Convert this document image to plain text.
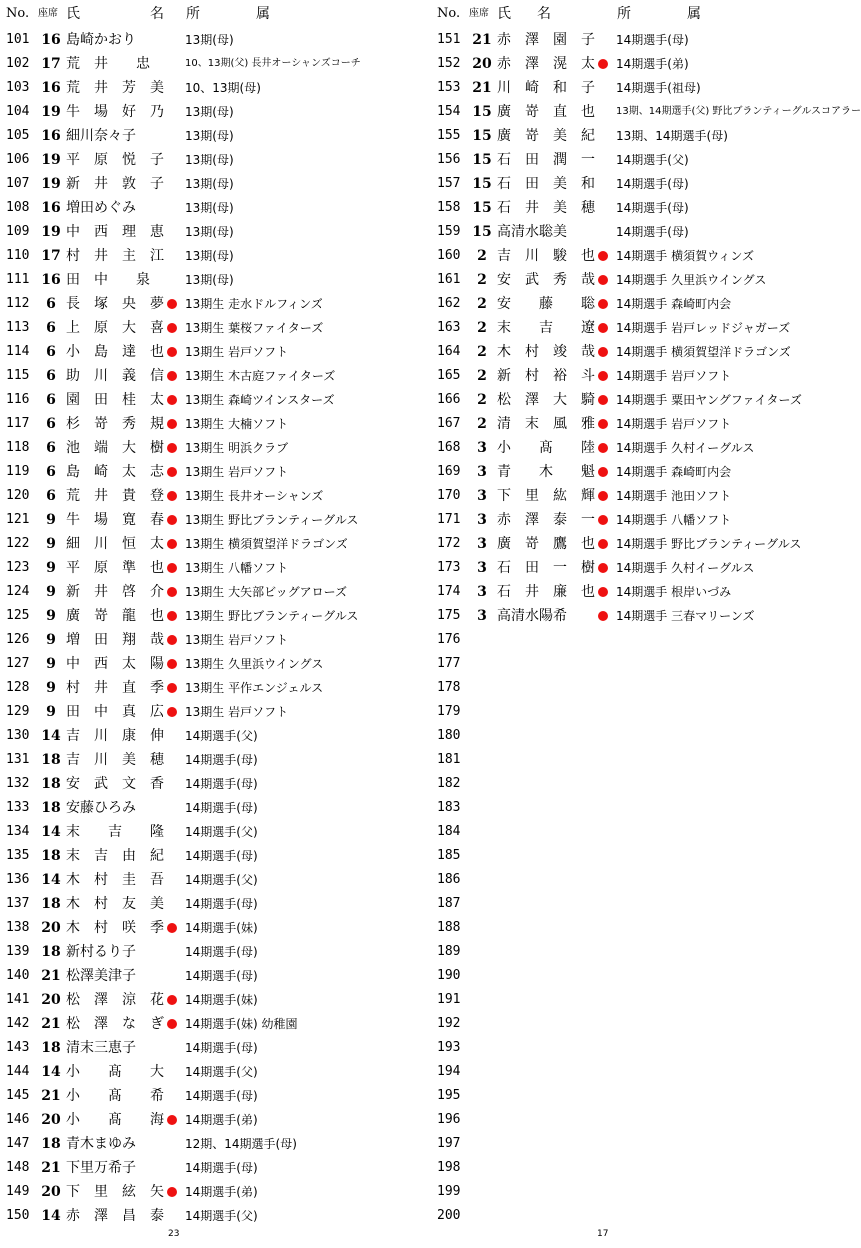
No. 座席 氏	名 所	属
101 16 島崎かおり	13期(母)
102 17 荒　井　　忠	10、13期(父) 長井オーシャンズコーチ
103 16 荒　井　芳　美 10、13期(母)
104 19 牛　場　好　乃 13期(母)
105 16 細川奈々子	13期(母)
106 19 平　原　悦　子 13期(母)
107 19 新　井　敦　子 13期(母)
108 16 増田めぐみ	13期(母)
109 19 中　西　理　恵 13期(母)
110 17 村　井　主　江 13期(母)
111 16 田　中　　泉	13期(母)
112	6 長　塚　央　夢 13期生 走水ドルフィンズ
113	6 上　原　大　喜 13期生 葉桜ファイターズ
114	6 小　島　達　也 13期生 岩戸ソフト
115	6 助　川　義　信 13期生 木古庭ファイターズ
116	6 園　田　桂　太 13期生 森崎ツインスターズ
117	6 杉　嵜　秀　規 13期生 大楠ソフト
118	6 池　端　大　樹 13期生 明浜クラブ
119	6 島　崎　太　志 13期生 岩戸ソフト
120	6 荒　井　貴　登 13期生 長井オーシャンズ
121	9 牛　場　寛　春 13期生 野比ブランティーグルス
122	9 細　川　恒　太 13期生 横須賀望洋ドラゴンズ
123	9 平　原　準　也 13期生 八幡ソフト
124	9 新　井　啓　介 13期生 大矢部ビッグアローズ
125	9 廣　嵜　龍　也 13期生 野比ブランティーグルス
126	9 増　田　翔　哉 13期生 岩戸ソフト
127	9 中　西　太　陽 13期生 久里浜ウイングス
128	9 村　井　直　季 13期生 平作エンジェルス
129	9 田　中　真　広 13期生 岩戸ソフト
130 14 吉　川　康　伸 14期選手(父)
131 18 吉　川　美　穂 14期選手(母)
132 18 安　武　文　香 14期選手(母)
133 18 安藤ひろみ	14期選手(母)
134 14 末　　吉　　隆 14期選手(父)
135 18 末　吉　由　紀 14期選手(母)
136 14 木　村　圭　吾 14期選手(父)
137 18 木　村　友　美 14期選手(母)
138 20 木　村　咲　季 14期選手(妹)
139 18 新村るり子	14期選手(母)
140 21 松澤美津子	14期選手(母)
141 20 松　澤　涼　花 14期選手(妹)
142 21 松　澤　な　ぎ 14期選手(妹) 幼稚園
143 18 清末三恵子	14期選手(母)
144 14 小　　髙　　大 14期選手(父)
145 21 小　　髙　　希 14期選手(母)
146 20 小　　髙　　海 14期選手(弟)
147 18 青木まゆみ	12期、14期選手(母)
148 21 下里万希子	14期選手(母)
149 20 下　里　絃　矢 14期選手(弟)
150 14 赤　澤　昌　泰 14期選手(父)
No. 座席 氏 名	所	属
151 21 赤　澤　園　子 14期選手(母)
152 20 赤　澤　滉　太 14期選手(弟)
153 21 川　崎　和　子 14期選手(祖母)
154 15 廣　嵜　直　也 13期、14期選手(父) 野比ブランティーグルスコアラー
155 15 廣　嵜　美　紀 13期、14期選手(母)
156 15 石　田　潤　一 14期選手(父)
157 15 石　田　美　和 14期選手(母)
158 15 石　井　美　穂 14期選手(母)
159 15 高清水聡美	14期選手(母)
160	2 吉　川　駿　也 14期選手 横須賀ウィンズ
161	2 安　武　秀　哉 14期選手 久里浜ウイングス
162	2 安　　藤　　聡 14期選手 森崎町内会
163	2 末　　吉　　遼 14期選手 岩戸レッドジャガーズ
164	2 木　村　竣　哉 14期選手 横須賀望洋ドラゴンズ
165	2 新　村　裕　斗 14期選手 岩戸ソフト
166	2 松　澤　大　騎 14期選手 粟田ヤングファイターズ
167	2 清　末　風　雅 14期選手 岩戸ソフト
168	3 小　　髙　　陸 14期選手 久村イーグルス
169	3 青　　木　　魁 14期選手 森崎町内会
170	3 下　里　紘　輝 14期選手 池田ソフト
171	3 赤　澤　泰　一 14期選手 八幡ソフト
172	3 廣　嵜　鷹　也 14期選手 野比ブランティーグルス
173	3 石　田　一　樹 14期選手 久村イーグルス
174	3 石　井　廉　也 14期選手 根岸いづみ
175	3 高清水陽希	14期選手 三春マリーンズ
176
177
178
179
180
181
182
183
184
185
186
187
188
189
190
191
192
193
194
195
196
197
198
199
200
23	17
